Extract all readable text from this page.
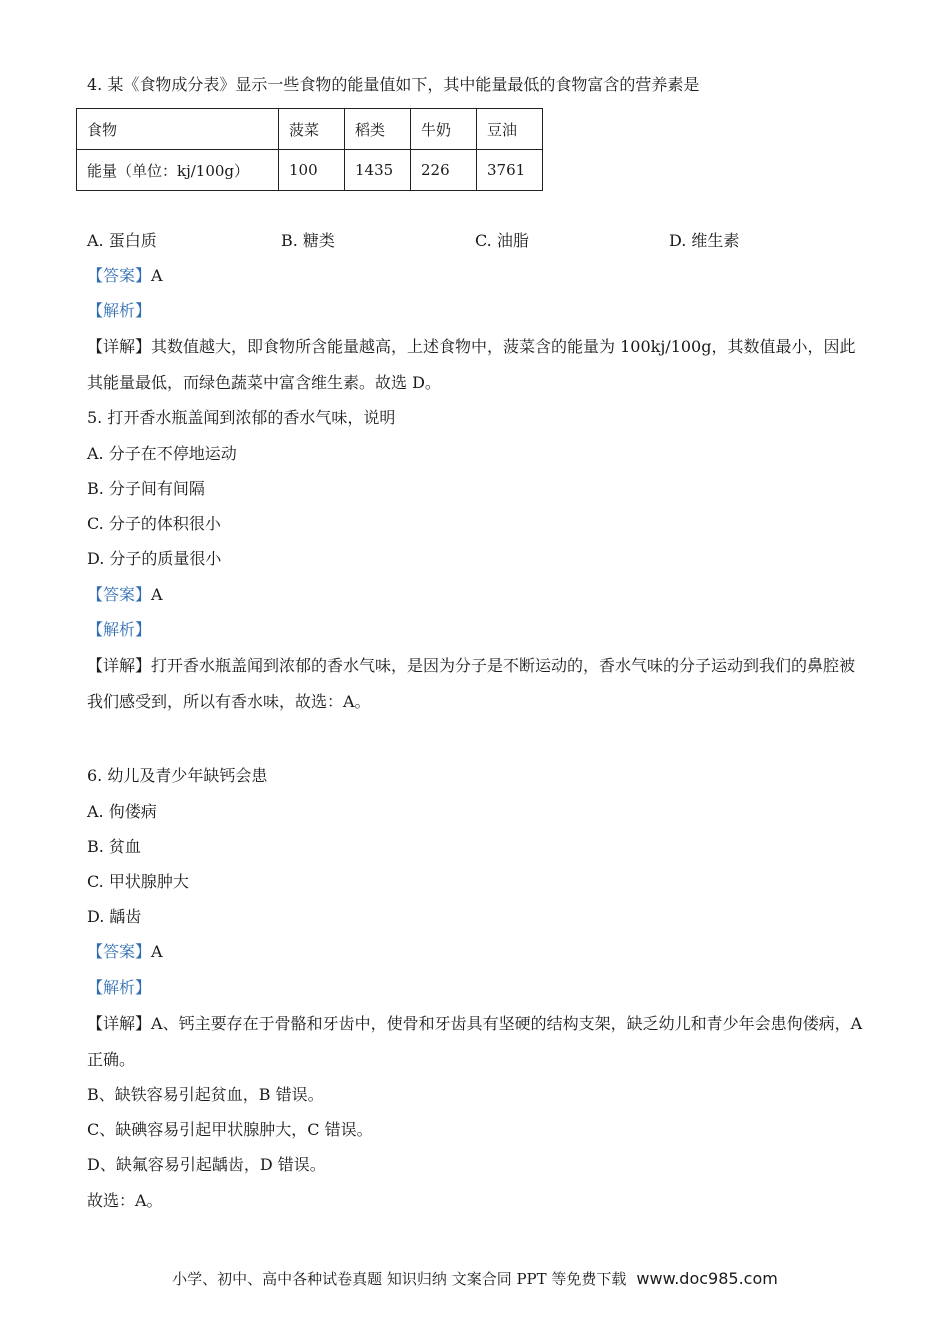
4. 某《食物成分表》显示一些食物的能量值如下，其中能量最低的食物富含的营养素是
食物	菠菜	稻类	牛奶	豆油
能量（单位：kj/100g）	100	1435	226	3761
A. 蛋白质	B. 糖类	C. 油脂	D. 维生素
【答案】A
【解析】
【详解】其数值越大，即食物所含能量越高，上述食物中，菠菜含的能量为 100kj/100g，其数值最小，因此其能量最低，而绿色蔬菜中富含维生素。故选 D。
5. 打开香水瓶盖闻到浓郁的香水气味，说明
A. 分子在不停地运动
B. 分子间有间隔
C. 分子的体积很小
D. 分子的质量很小
【答案】A
【解析】
【详解】打开香水瓶盖闻到浓郁的香水气味，是因为分子是不断运动的，香水气味的分子运动到我们的鼻腔被我们感受到，所以有香水味，故选：A。
6. 幼儿及青少年缺钙会患
A. 佝偻病
B. 贫血
C. 甲状腺肿大
D. 龋齿
【答案】A
【解析】
【详解】A、钙主要存在于骨骼和牙齿中，使骨和牙齿具有坚硬的结构支架，缺乏幼儿和青少年会患佝偻病，A 正确。
B、缺铁容易引起贫血，B 错误。
C、缺碘容易引起甲状腺肿大，C 错误。
D、缺氟容易引起龋齿，D 错误。
故选：A。
小学、初中、高中各种试卷真题 知识归纳 文案合同 PPT 等免费下载 www.doc985.com
